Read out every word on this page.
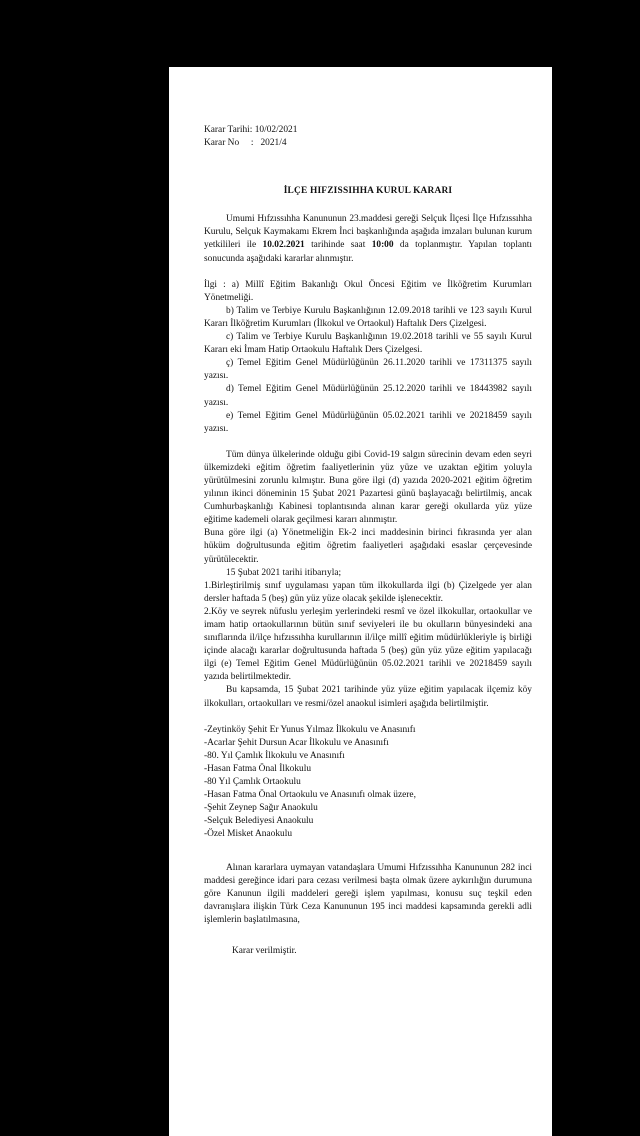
Karar Tarihi: 10/02/2021
Karar No     :   2021/4
İLÇE HIFZISSIHHA KURUL KARARI

Umumi Hıfzıssıhha Kanununun 23.maddesi gereği Selçuk İlçesi İlçe Hıfzıssıhha Kurulu, Selçuk Kaymakamı Ekrem İnci başkanlığında aşağıda imzaları bulunan kurum yetkilileri ile 10.02.2021 tarihinde saat 10:00 da toplanmıştır. Yapılan toplantı sonucunda aşağıdaki kararlar alınmıştır.

İlgi : a) Millî Eğitim Bakanlığı Okul Öncesi Eğitim ve İlköğretim Kurumları Yönetmeliği.

b) Talim ve Terbiye Kurulu Başkanlığının 12.09.2018 tarihli ve 123 sayılı Kurul Kararı İlköğretim Kurumları (İlkokul ve Ortaokul) Haftalık Ders Çizelgesi.

c) Talim ve Terbiye Kurulu Başkanlığının 19.02.2018 tarihli ve 55 sayılı Kurul Kararı eki İmam Hatip Ortaokulu Haftalık Ders Çizelgesi.

ç) Temel Eğitim Genel Müdürlüğünün 26.11.2020 tarihli ve 17311375 sayılı yazısı.

d) Temel Eğitim Genel Müdürlüğünün 25.12.2020 tarihli ve 18443982 sayılı yazısı.

e) Temel Eğitim Genel Müdürlüğünün 05.02.2021 tarihli ve 20218459 sayılı yazısı.

Tüm dünya ülkelerinde olduğu gibi Covid-19 salgın sürecinin devam eden seyri ülkemizdeki eğitim öğretim faaliyetlerinin yüz yüze ve uzaktan eğitim yoluyla yürütülmesini zorunlu kılmıştır. Buna göre ilgi (d) yazıda 2020-2021 eğitim öğretim yılının ikinci döneminin 15 Şubat 2021 Pazartesi günü başlayacağı belirtilmiş, ancak Cumhurbaşkanlığı Kabinesi toplantısında alınan karar gereği okullarda yüz yüze eğitime kademeli olarak geçilmesi kararı alınmıştır.

Buna göre ilgi (a) Yönetmeliğin Ek-2 inci maddesinin birinci fıkrasında yer alan hüküm doğrultusunda eğitim öğretim faaliyetleri aşağıdaki esaslar çerçevesinde yürütülecektir.

15 Şubat 2021 tarihi itibarıyla;

1.Birleştirilmiş sınıf uygulaması yapan tüm ilkokullarda ilgi (b) Çizelgede yer alan dersler haftada 5 (beş) gün yüz yüze olacak şekilde işlenecektir.

2.Köy ve seyrek nüfuslu yerleşim yerlerindeki resmî ve özel ilkokullar, ortaokullar ve imam hatip ortaokullarının bütün sınıf seviyeleri ile bu okulların bünyesindeki ana sınıflarında il/ilçe hıfzıssıhha kurullarının il/ilçe millî eğitim müdürlükleriyle iş birliği içinde alacağı kararlar doğrultusunda haftada 5 (beş) gün yüz yüze eğitim yapılacağı ilgi (e) Temel Eğitim Genel Müdürlüğünün 05.02.2021 tarihli ve 20218459 sayılı yazıda belirtilmektedir.

Bu kapsamda, 15 Şubat 2021 tarihinde yüz yüze eğitim yapılacak ilçemiz köy ilkokulları, ortaokulları ve resmi/özel anaokul isimleri aşağıda belirtilmiştir.

-Zeytinköy Şehit Er Yunus Yılmaz İlkokulu ve Anasınıfı
-Acarlar Şehit Dursun Acar İlkokulu ve Anasınıfı
-80. Yıl Çamlık İlkokulu ve Anasınıfı
-Hasan Fatma Önal İlkokulu
-80 Yıl Çamlık Ortaokulu
-Hasan Fatma Önal Ortaokulu ve Anasınıfı olmak üzere,
-Şehit Zeynep Sağır Anaokulu
-Selçuk Belediyesi Anaokulu
-Özel Misket Anaokulu

Alınan kararlara uymayan vatandaşlara Umumi Hıfzıssıhha Kanununun 282 inci maddesi gereğince idari para cezası verilmesi başta olmak üzere aykırılığın durumuna göre Kanunun ilgili maddeleri gereği işlem yapılması, konusu suç teşkil eden davranışlara ilişkin Türk Ceza Kanununun 195 inci maddesi kapsamında gerekli adli işlemlerin başlatılmasına,

Karar verilmiştir.
